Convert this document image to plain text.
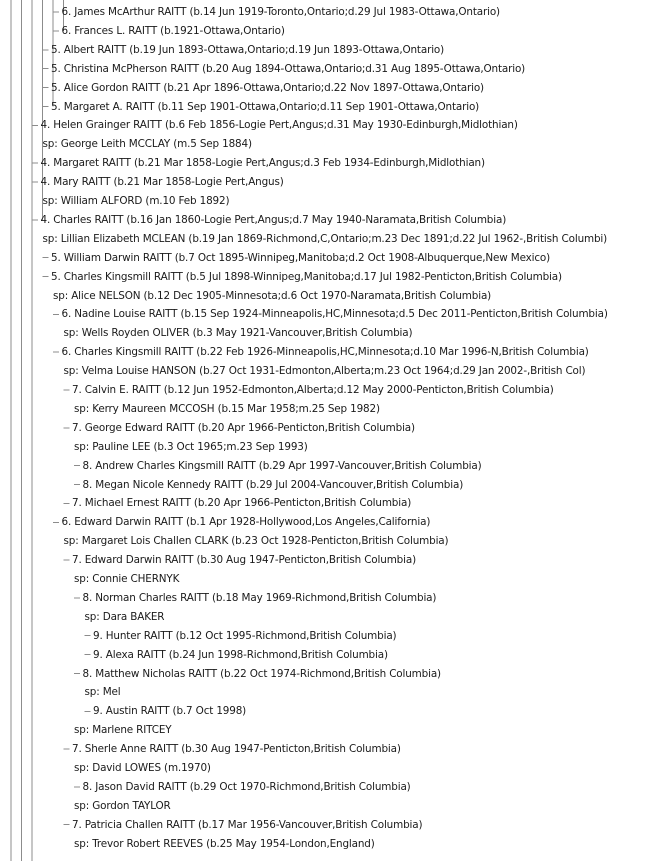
6. James McArthur RAITT (b.14 Jun 1919-Toronto,Ontario;d.29 Jul 1983-Ottawa,Ontario)
6. Frances L. RAITT (b.1921-Ottawa,Ontario)
5. Albert RAITT (b.19 Jun 1893-Ottawa,Ontario;d.19 Jun 1893-Ottawa,Ontario)
5. Christina McPherson RAITT (b.20 Aug 1894-Ottawa,Ontario;d.31 Aug 1895-Ottawa,Ontario)
5. Alice Gordon RAITT (b.21 Apr 1896-Ottawa,Ontario;d.22 Nov 1897-Ottawa,Ontario)
5. Margaret A. RAITT (b.11 Sep 1901-Ottawa,Ontario;d.11 Sep 1901-Ottawa,Ontario)
4. Helen Grainger RAITT (b.6 Feb 1856-Logie Pert,Angus;d.31 May 1930-Edinburgh,Midlothian)
sp: George Leith MCCLAY (m.5 Sep 1884)
4. Margaret RAITT (b.21 Mar 1858-Logie Pert,Angus;d.3 Feb 1934-Edinburgh,Midlothian)
4. Mary RAITT (b.21 Mar 1858-Logie Pert,Angus)
sp: William ALFORD (m.10 Feb 1892)
4. Charles RAITT (b.16 Jan 1860-Logie Pert,Angus;d.7 May 1940-Naramata,British Columbia)
sp: Lillian Elizabeth MCLEAN (b.19 Jan 1869-Richmond,C,Ontario;m.23 Dec 1891;d.22 Jul 1962-,British Columbi)
5. William Darwin RAITT (b.7 Oct 1895-Winnipeg,Manitoba;d.2 Oct 1908-Albuquerque,New Mexico)
5. Charles Kingsmill RAITT (b.5 Jul 1898-Winnipeg,Manitoba;d.17 Jul 1982-Penticton,British Columbia)
sp: Alice NELSON (b.12 Dec 1905-Minnesota;d.6 Oct 1970-Naramata,British Columbia)
6. Nadine Louise RAITT (b.15 Sep 1924-Minneapolis,HC,Minnesota;d.5 Dec 2011-Penticton,British Columbia)
sp: Wells Royden OLIVER (b.3 May 1921-Vancouver,British Columbia)
6. Charles Kingsmill RAITT (b.22 Feb 1926-Minneapolis,HC,Minnesota;d.10 Mar 1996-N,British Columbia)
sp: Velma Louise HANSON (b.27 Oct 1931-Edmonton,Alberta;m.23 Oct 1964;d.29 Jan 2002-,British Col)
7. Calvin E. RAITT (b.12 Jun 1952-Edmonton,Alberta;d.12 May 2000-Penticton,British Columbia)
sp: Kerry Maureen MCCOSH (b.15 Mar 1958;m.25 Sep 1982)
7. George Edward RAITT (b.20 Apr 1966-Penticton,British Columbia)
sp: Pauline LEE (b.3 Oct 1965;m.23 Sep 1993)
8. Andrew Charles Kingsmill RAITT (b.29 Apr 1997-Vancouver,British Columbia)
8. Megan Nicole Kennedy RAITT (b.29 Jul 2004-Vancouver,British Columbia)
7. Michael Ernest RAITT (b.20 Apr 1966-Penticton,British Columbia)
6. Edward Darwin RAITT (b.1 Apr 1928-Hollywood,Los Angeles,California)
sp: Margaret Lois Challen CLARK (b.23 Oct 1928-Penticton,British Columbia)
7. Edward Darwin RAITT (b.30 Aug 1947-Penticton,British Columbia)
sp: Connie CHERNYK
8. Norman Charles RAITT (b.18 May 1969-Richmond,British Columbia)
sp: Dara BAKER
9. Hunter RAITT (b.12 Oct 1995-Richmond,British Columbia)
9. Alexa RAITT (b.24 Jun 1998-Richmond,British Columbia)
8. Matthew Nicholas RAITT (b.22 Oct 1974-Richmond,British Columbia)
sp: Mel
9. Austin RAITT (b.7 Oct 1998)
sp: Marlene RITCEY
7. Sherle Anne RAITT (b.30 Aug 1947-Penticton,British Columbia)
sp: David LOWES (m.1970)
8. Jason David RAITT (b.29 Oct 1970-Richmond,British Columbia)
sp: Gordon TAYLOR
7. Patricia Challen RAITT (b.17 Mar 1956-Vancouver,British Columbia)
sp: Trevor Robert REEVES (b.25 May 1954-London,England)
